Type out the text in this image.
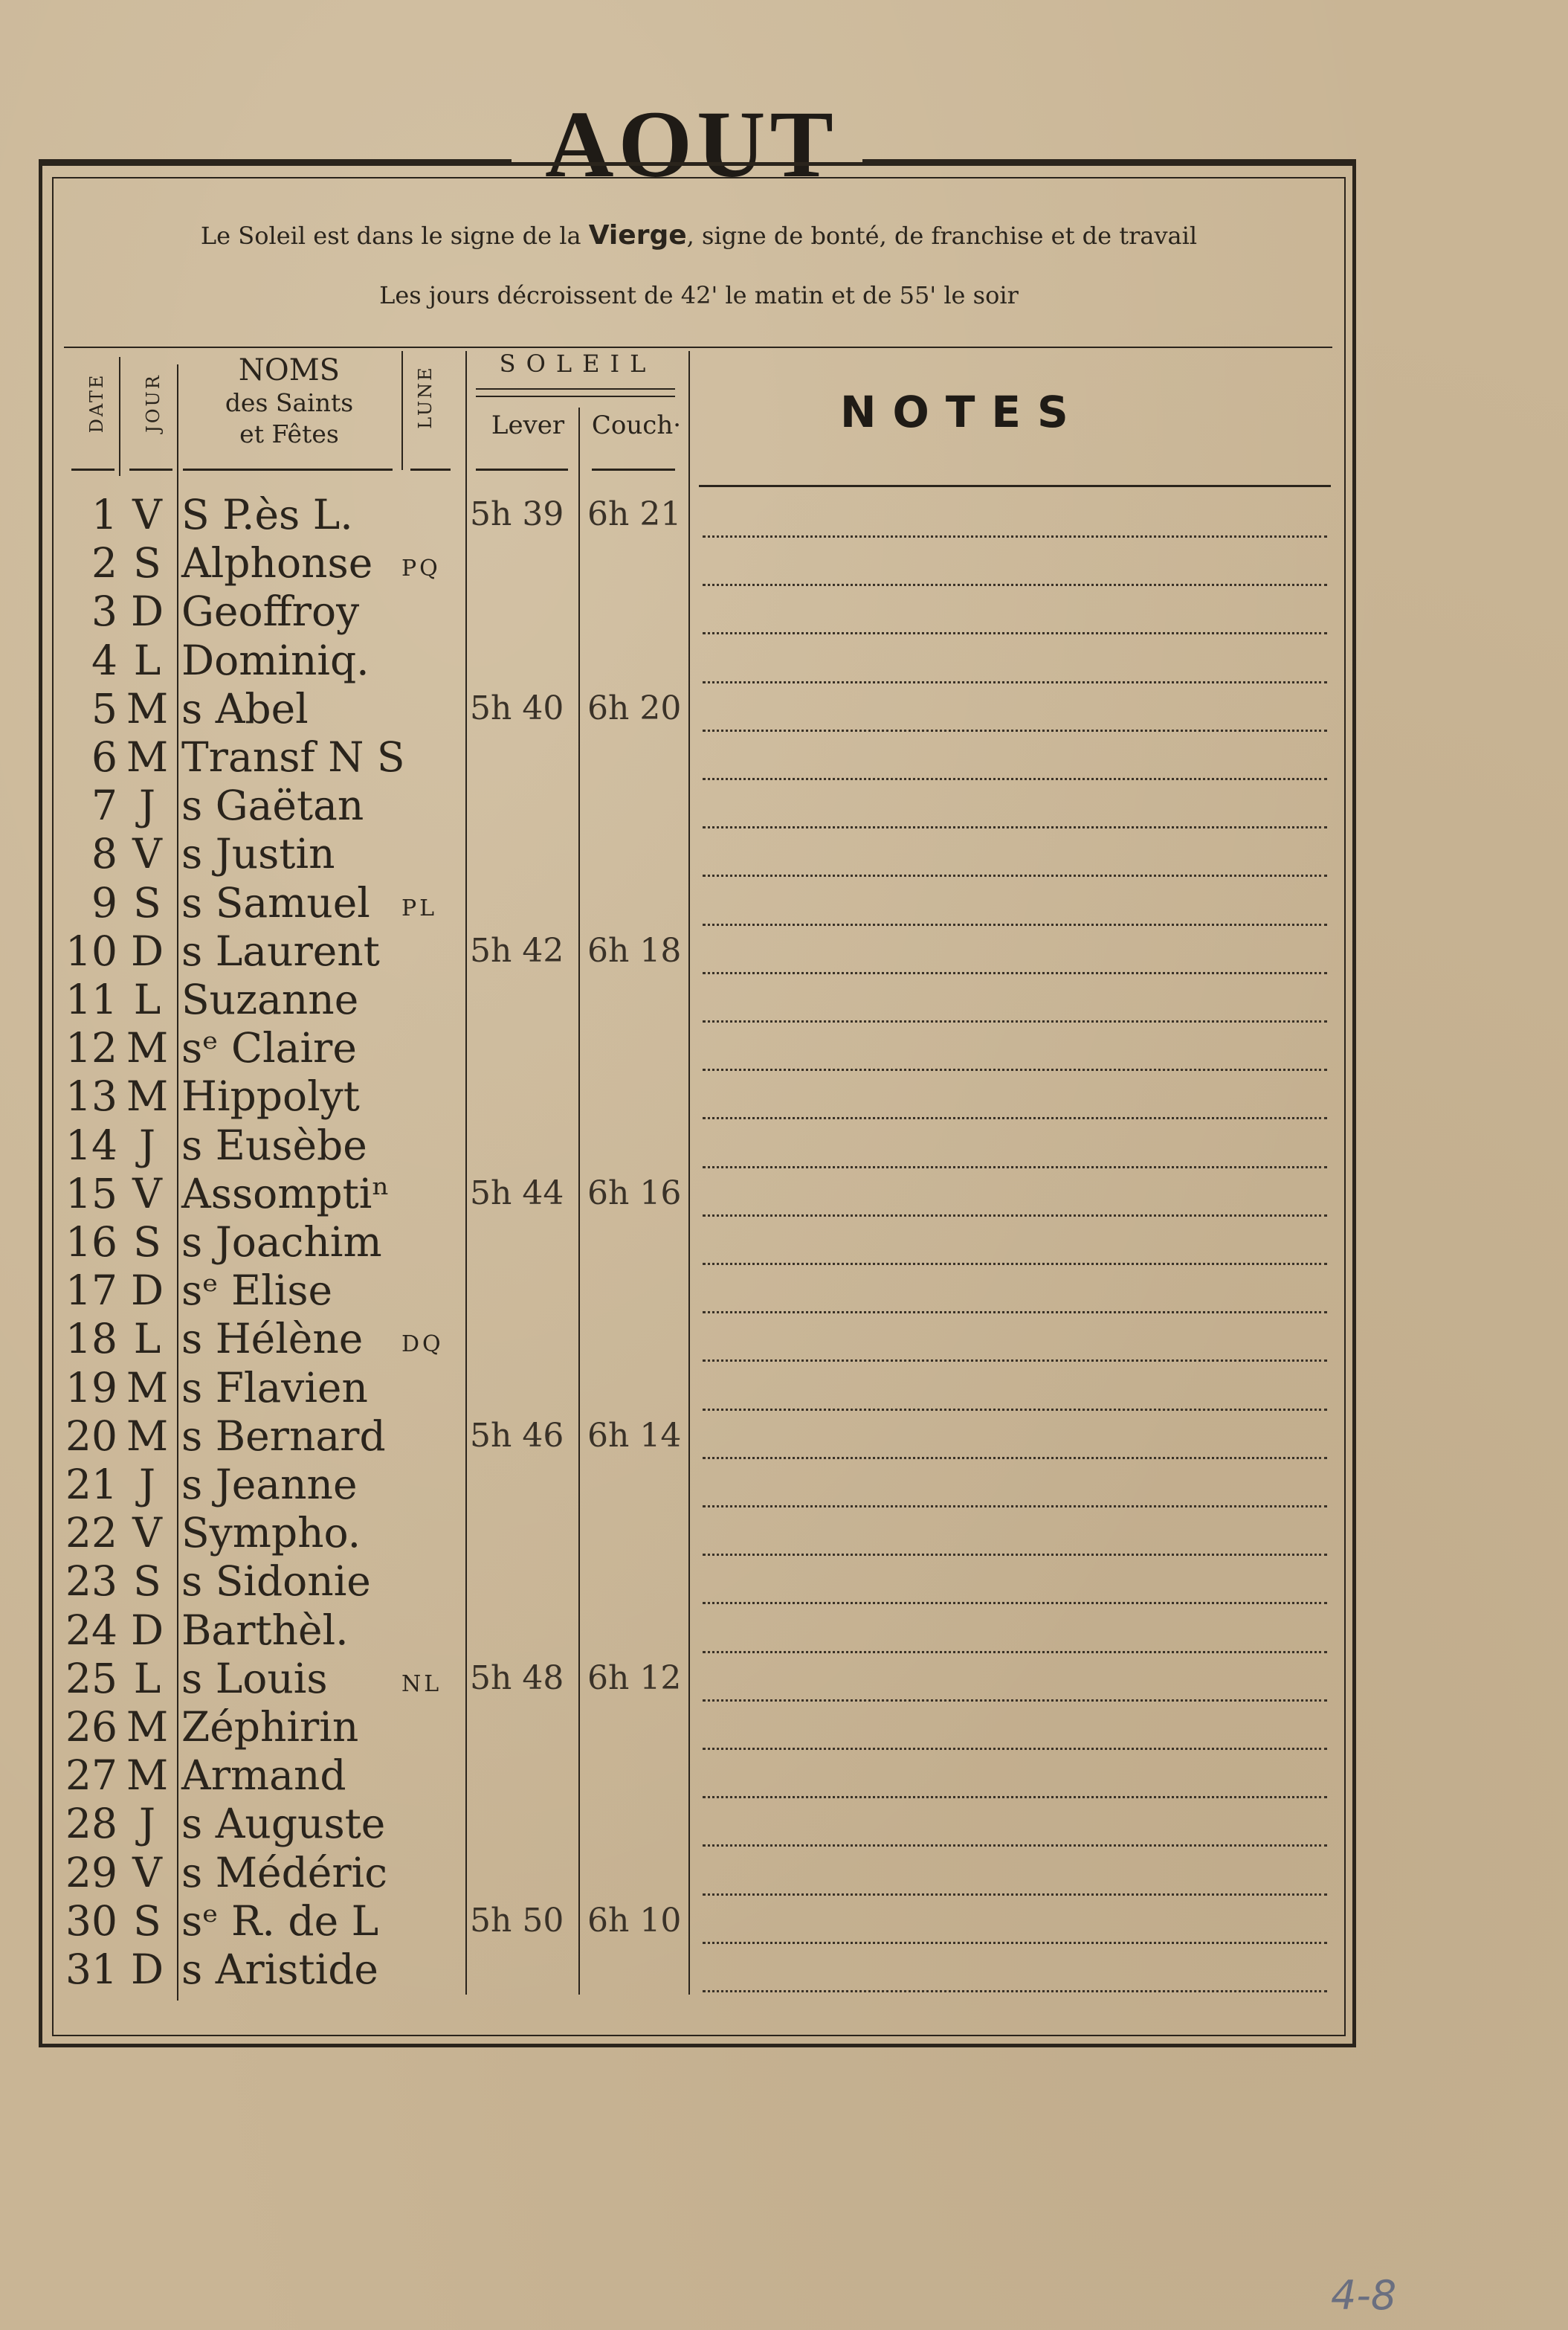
AOUT
Le Soleil est dans le signe de la Vierge, signe de bonté, de franchise et de travail
Les jours décroissent de 42' le matin et de 55' le soir
DATE JOUR
NOMS
des Saints
et Fêtes
LUNE
SOLEIL
Lever	Couch·	NOTES
1 V S P.ès L.	5h 39 6h 21
2 S Alphonse PQ
3 D Geoffroy
4 L Dominiq.
5 M s Abel	5h 40 6h 20
6 M Transf N S
7 J s Gaëtan
8 V s Justin
9 S s Samuel PL
10 D s Laurent	5h 42 6h 18
11 L Suzanne
12 M sᵉ Claire
13 M Hippolyt
14 J s Eusèbe
15 V Assomptiⁿ 5h 44 6h 16
16 S s Joachim
17 D sᵉ Elise
18 L s Hélène DQ
19 M s Flavien
20 M s Bernard	5h 46 6h 14
21 J s Jeanne
22 V Sympho.
23 S s Sidonie
24 D Barthèl.
25 L s Louis	NL 5h 48 6h 12
26 M Zéphirin
27 M Armand
28 J s Auguste
29 V s Médéric
30 S sᵉ R. de L	5h 50 6h 10
31 D s Aristide
4-8
